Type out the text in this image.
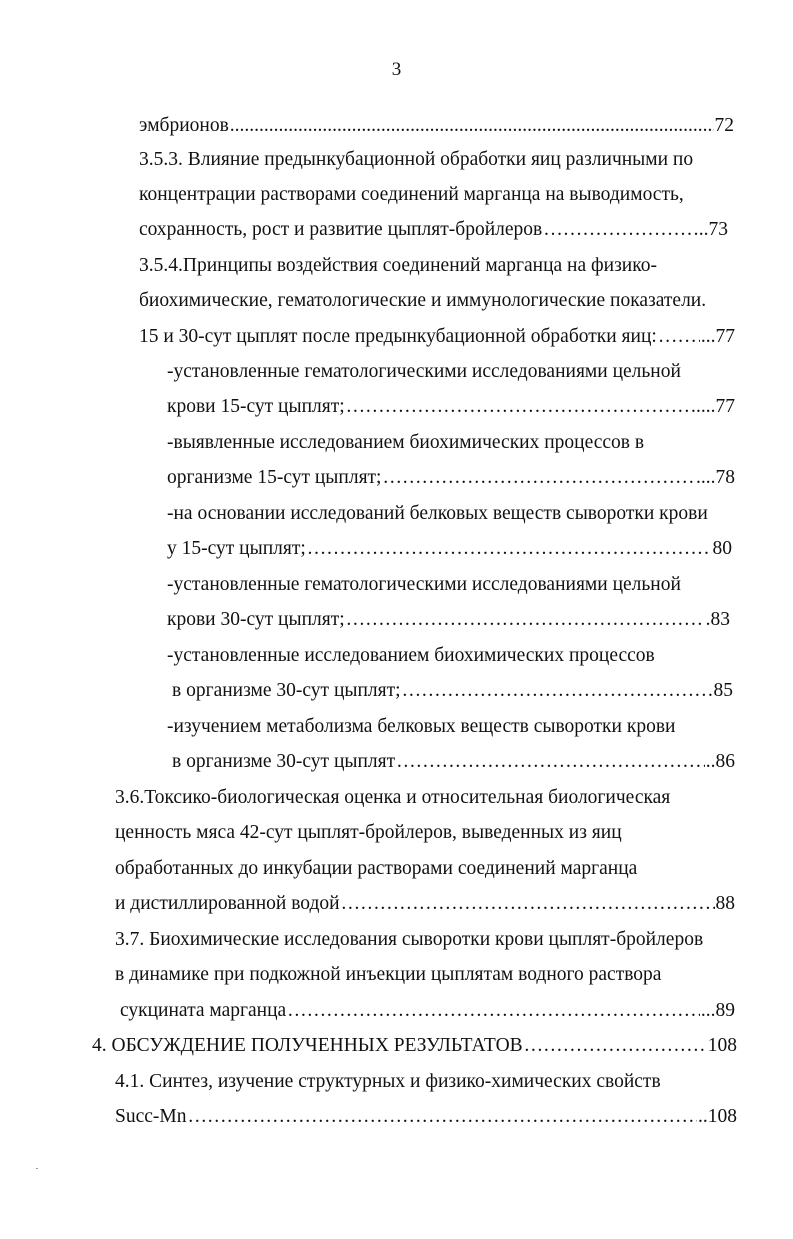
3
эмбрионов .....	72
3.5.3. Влияние предынкубационной обработки яиц различными по
концентрации растворами соединений марганца на выводимость,
сохранность, рост и развитие цыплят-бройлеров ……………………………………………………………………………………………………………………………………………………………………………………………………………………	..73
3.5.4.Принципы воздействия соединений марганца на физико-
биохимические, гематологические и иммунологические показатели.
15 и 30-сут цыплят после предынкубационной обработки яиц: …………………………………………………………………………………………………………………………………………………………………………………………………………………… ...77
-установленные гематологическими исследованиями цельной
крови 15-сут цыплят; ……………………………………………………………………………………………………………………………………………………………………………………………………………………	....77
-выявленные исследованием биохимических процессов в
организме 15-сут цыплят; ……………………………………………………………………………………………………………………………………………………………………………………………………………………	....78
-на основании исследований белковых веществ сыворотки крови
у 15-сут цыплят; ……………………………………………………………………………………………………………………………………………………………………………………………………………………	80
-установленные гематологическими исследованиями цельной
крови 30-сут цыплят; ……………………………………………………………………………………………………………………………………………………………………………………………………………………	.83
-установленные исследованием биохимических процессов
в организме 30-сут цыплят; ……………………………………………………………………………………………………………………………………………………………………………………………………………………	85
-изучением метаболизма белковых веществ сыворотки крови
в организме 30-сут цыплят ……………………………………………………………………………………………………………………………………………………………………………………………………………………	..86
3.6.Токсико-биологическая оценка и относительная биологическая
ценность мяса 42-сут цыплят-бройлеров, выведенных из яиц
обработанных до инкубации растворами соединений марганца
и дистиллированной водой ……………………………………………………………………………………………………………………………………………………………………………………………………………………	88
3.7. Биохимические исследования сыворотки крови цыплят-бройлеров
в динамике при подкожной инъекции цыплятам водного раствора
сукцината марганца ……………………………………………………………………………………………………………………………………………………………………………………………………………………	...89
4. ОБСУЖДЕНИЕ ПОЛУЧЕННЫХ РЕЗУЛЬТАТОВ ……………………………………………………………………………………………………………………………………………………………………………………………………………………	108
4.1. Синтез, изучение структурных и физико-химических свойств
Succ-Mn ……………………………………………………………………………………………………………………………………………………………………………………………………………………	..108
